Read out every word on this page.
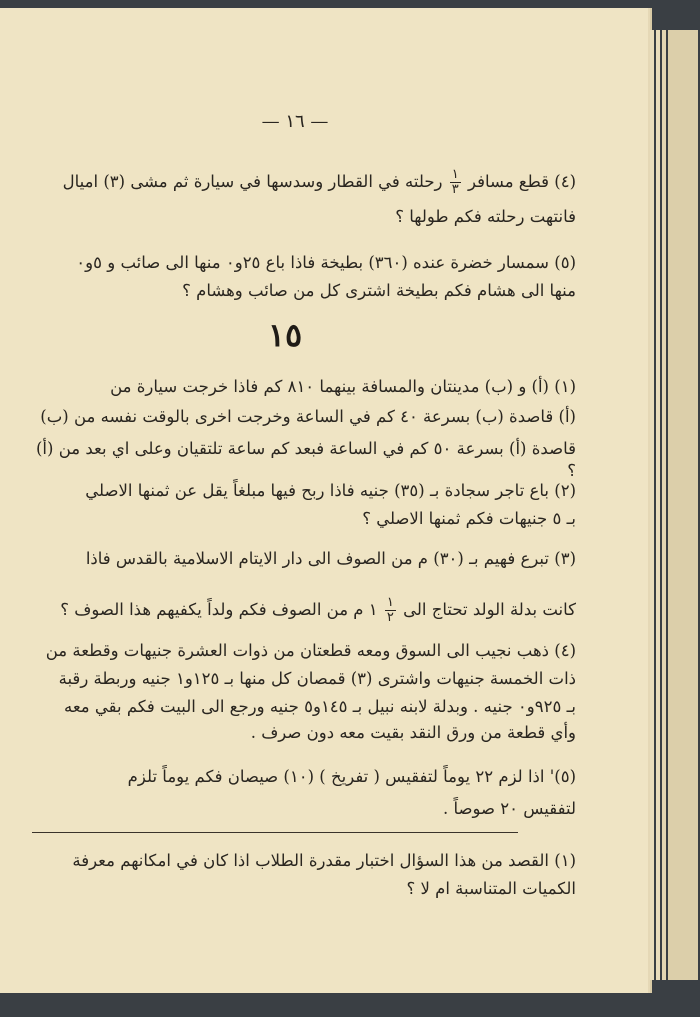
— ١٦ —
١٥
(٤) قطع مسافر
$\frac{١}{٣}$
رحلته في القطار وسدسها في سيارة ثم مشى (٣) اميال
فانتهت رحلته فكم طولها ؟
(٥) سمسار خضرة عنده (٣٦٠) بطيخة فاذا باع ٢٥و٠ منها الى صائب و ٥و٠
منها الى هشام فكم بطيخة اشترى كل من صائب وهشام ؟
(١) (أ) و (ب) مدينتان والمسافة بينهما ٨١٠ كم فاذا خرجت سيارة من
(أ) قاصدة (ب) بسرعة ٤٠ كم في الساعة وخرجت اخرى بالوقت نفسه من (ب)
قاصدة (أ) بسرعة ٥٠ كم في الساعة فبعد كم ساعة تلتقيان وعلى اي بعد من (أ) ؟
(٢) باع تاجر سجادة بـ (٣٥) جنيه فاذا ربح فيها مبلغاً يقل عن ثمنها الاصلي
بـ ٥ جنيهات فكم ثمنها الاصلي ؟
(٣) تبرع فهيم بـ (٣٠) م من الصوف الى دار الايتام الاسلامية بالقدس فاذا
كانت بدلة الولد تحتاج الى
$\frac{١}{٢}$
١ م من الصوف فكم ولداً يكفيهم هذا الصوف ؟
(٤) ذهب نجيب الى السوق ومعه قطعتان من ذوات العشرة جنيهات وقطعة من
ذات الخمسة جنيهات واشترى (٣) قمصان كل منها بـ ١٢٥و١ جنيه وربطة رقبة
بـ ٩٢٥و٠ جنيه . وبدلة لابنه نبيل بـ ١٤٥و٥ جنيه ورجع الى البيت فكم بقي معه
وأي قطعة من ورق النقد بقيت معه دون صرف .
(٥)' اذا لزم ٢٢ يوماً لتفقيس ( تفريخ ) (١٠) صيصان فكم يوماً تلزم
لتفقيس ٢٠ صوصاً .
(١) القصد من هذا السؤال اختبار مقدرة الطلاب اذا كان في امكانهم معرفة
الكميات المتناسبة ام لا ؟
